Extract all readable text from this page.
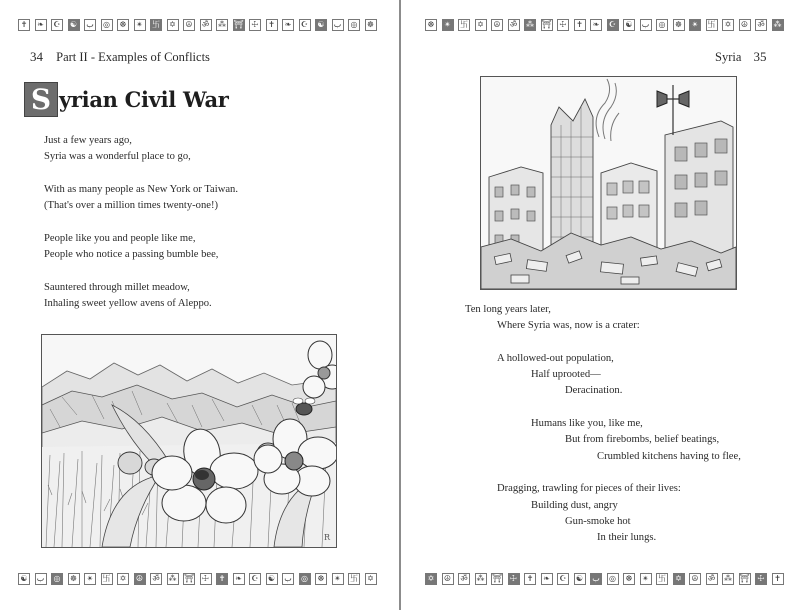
✝	❧	☪	☯	ب	◎	☸	✴	卐	✡	☮	ॐ ⁂ ⛩ ☩	✝	❧	☪	☯	ب	◎	☸
34 Part II - Examples of Conflicts
S yrian Civil War
Just a few years ago,
Syria was a wonderful place to go,
With as many people as New York or Taiwan.
(That's over a million times twenty-one!)
People like you and people like me,
People who notice a passing bumble bee,
Sauntered through millet meadow,
Inhaling sweet yellow avens of Aleppo.
R
☯	ب	◎	☸	✴	卐	✡	☮	ॐ ⁂ ⛩ ☩	✝	❧	☪	☯	ب	◎	☸	✴	卐	✡
☸	✴	卐	✡	☮	ॐ ⁂ ⛩ ☩	✝	❧	☪	☯	ب	◎	☸	✴	卐	✡	☮	ॐ ⁂
Syria 35
Ten long years later,
Where Syria was, now is a crater:
A hollowed-out population,
Half uprooted—
Deracination.
Humans like you, like me,
But from firebombs, belief beatings,
Crumbled kitchens having to flee,
Dragging, trawling for pieces of their lives:
Building dust, angry
Gun-smoke hot
In their lungs.
✡	☮	ॐ ⁂ ⛩ ☩	✝	❧	☪	☯	ب	◎	☸	✴	卐	✡	☮	ॐ ⁂ ⛩ ☩	✝
